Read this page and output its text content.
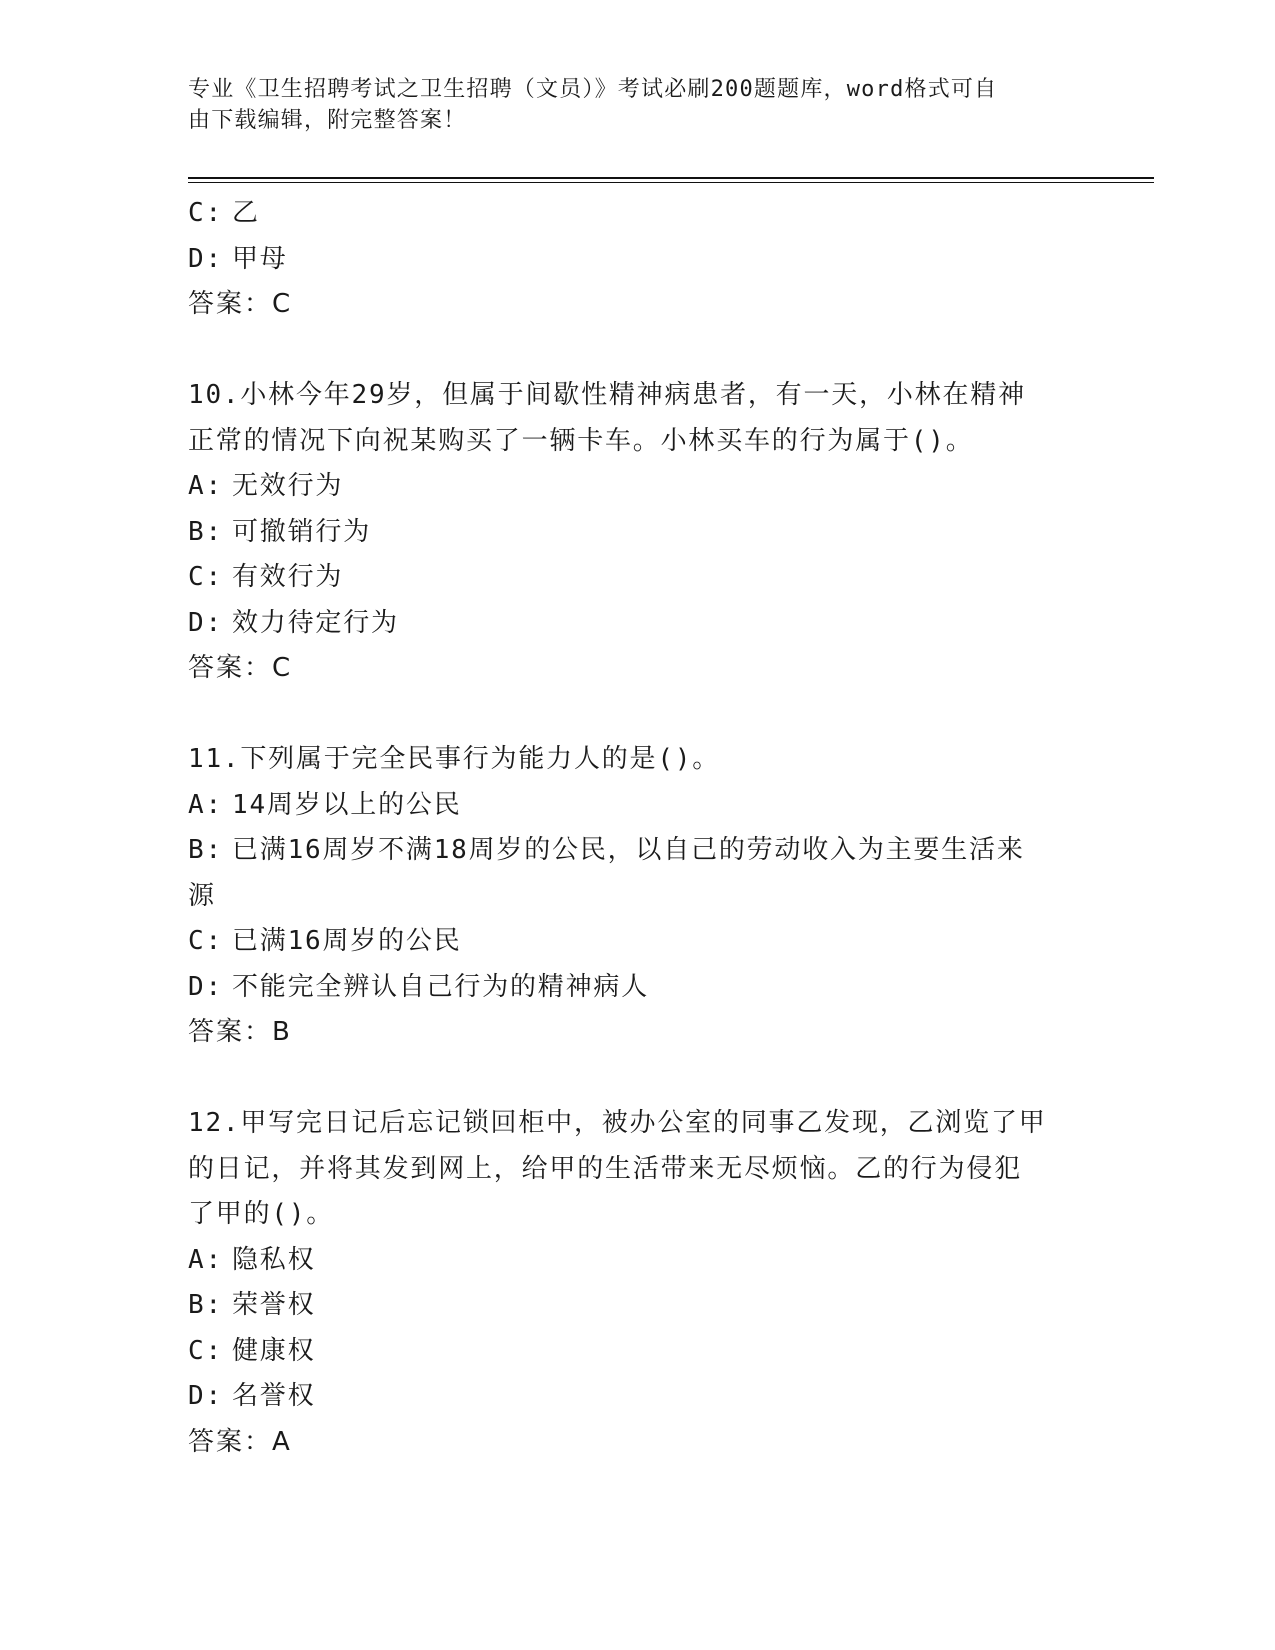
专业《卫生招聘考试之卫生招聘（文员）》考试必刷200题题库，word格式可自
由下载编辑，附完整答案！
C: 乙
D: 甲母
答案：C
10.小林今年29岁，但属于间歇性精神病患者，有一天，小林在精神
正常的情况下向祝某购买了一辆卡车。小林买车的行为属于()。
A: 无效行为
B: 可撤销行为
C: 有效行为
D: 效力待定行为
答案：C
11.下列属于完全民事行为能力人的是()。
A: 14周岁以上的公民
B: 已满16周岁不满18周岁的公民，以自己的劳动收入为主要生活来
源
C: 已满16周岁的公民
D: 不能完全辨认自己行为的精神病人
答案：B
12.甲写完日记后忘记锁回柜中，被办公室的同事乙发现，乙浏览了甲
的日记，并将其发到网上，给甲的生活带来无尽烦恼。乙的行为侵犯
了甲的()。
A: 隐私权
B: 荣誉权
C: 健康权
D: 名誉权
答案：A
